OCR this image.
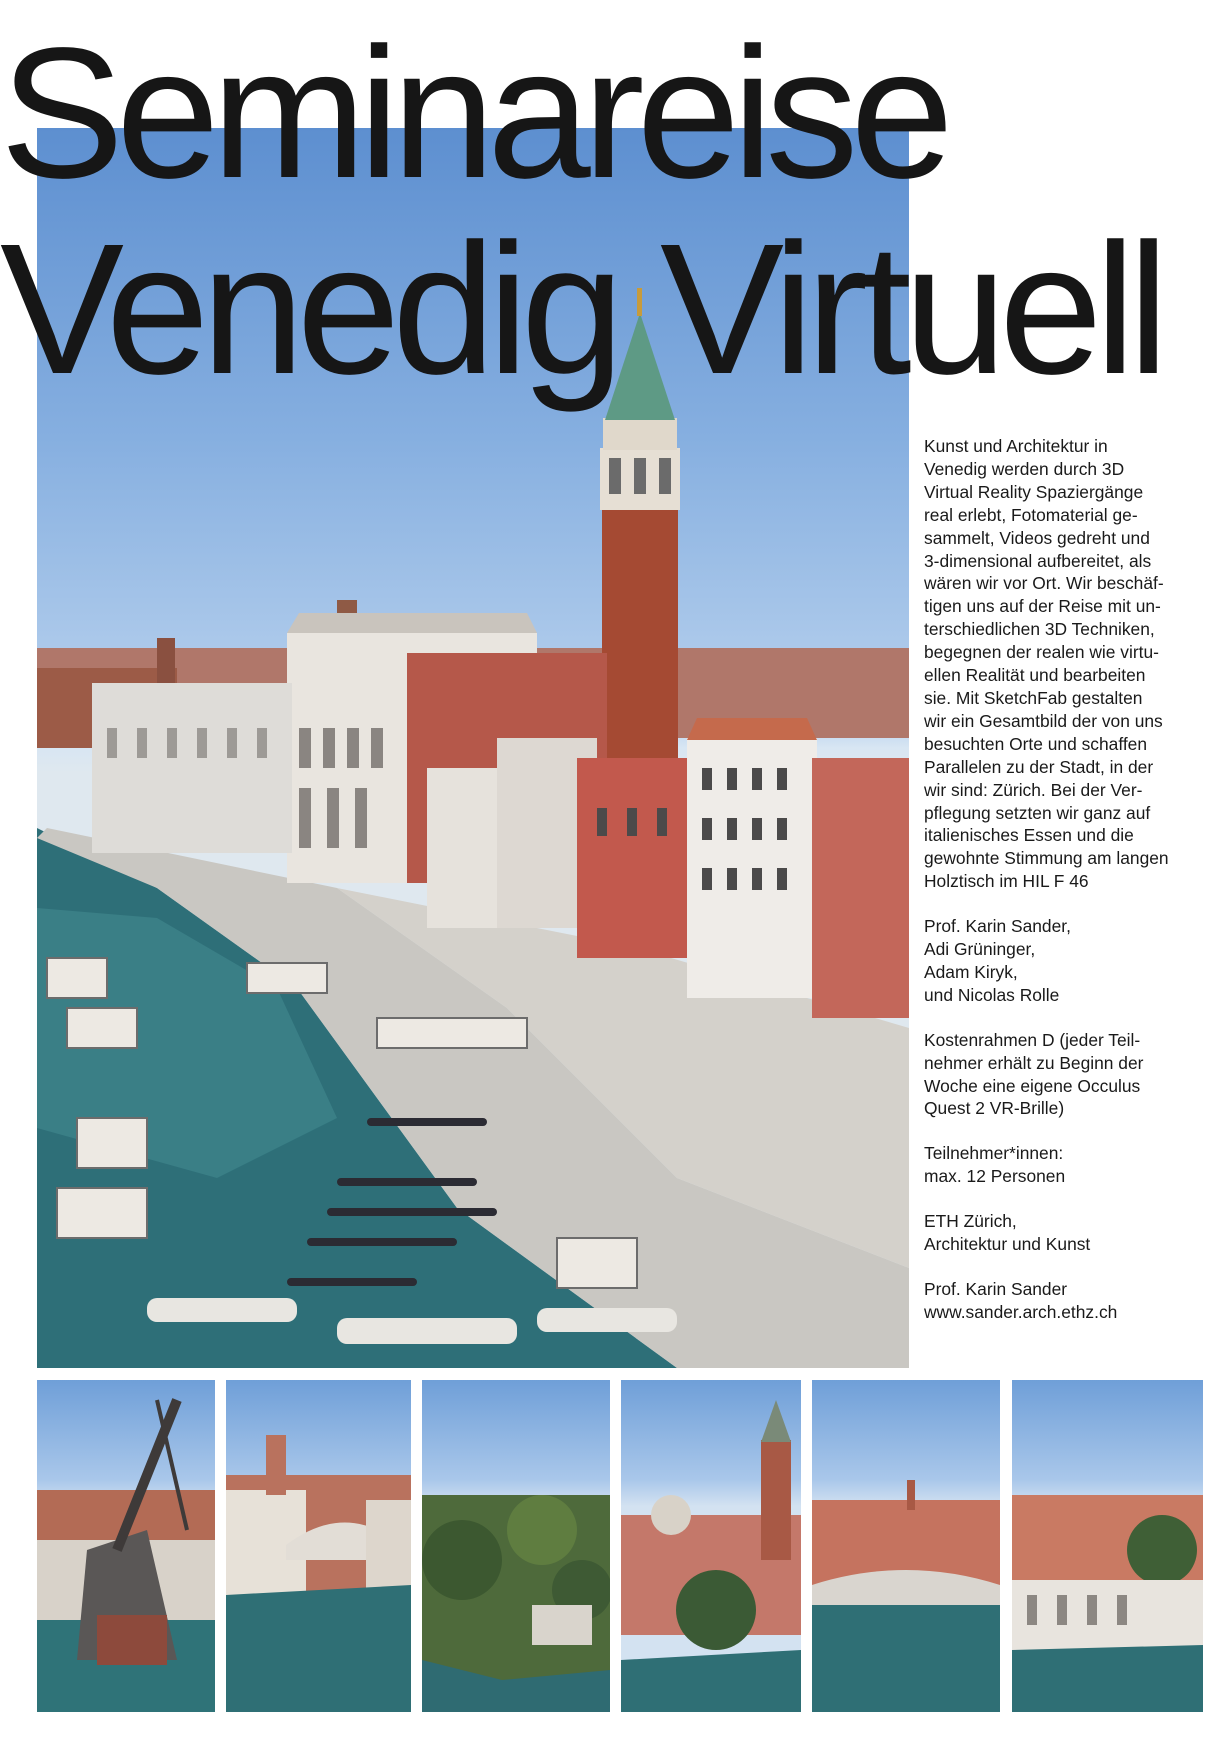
Seminareise
Venedig Virtuell

Kunst und Architektur in
Venedig werden durch 3D
Virtual Reality Spaziergänge
real erlebt, Fotomaterial ge-
sammelt, Videos gedreht und
3-dimensional aufbereitet, als
wären wir vor Ort. Wir beschäf-
tigen uns auf der Reise mit un-
terschiedlichen 3D Techniken,
begegnen der realen wie virtu-
ellen Realität und bearbeiten
sie. Mit SketchFab gestalten
wir ein Gesamtbild der von uns
besuchten Orte und schaffen
Parallelen zu der Stadt, in der
wir sind: Zürich. Bei der Ver-
pflegung setzten wir ganz auf
italienisches Essen und die
gewohnte Stimmung am langen
Holztisch im HIL F 46

Prof. Karin Sander,
Adi Grüninger,
Adam Kiryk,
und Nicolas Rolle

Kostenrahmen D (jeder Teil-
nehmer erhält zu Beginn der
Woche eine eigene Occulus
Quest 2 VR-Brille)

Teilnehmer*innen:
max. 12 Personen

ETH Zürich,
Architektur und Kunst

Prof. Karin Sander
www.sander.arch.ethz.ch
